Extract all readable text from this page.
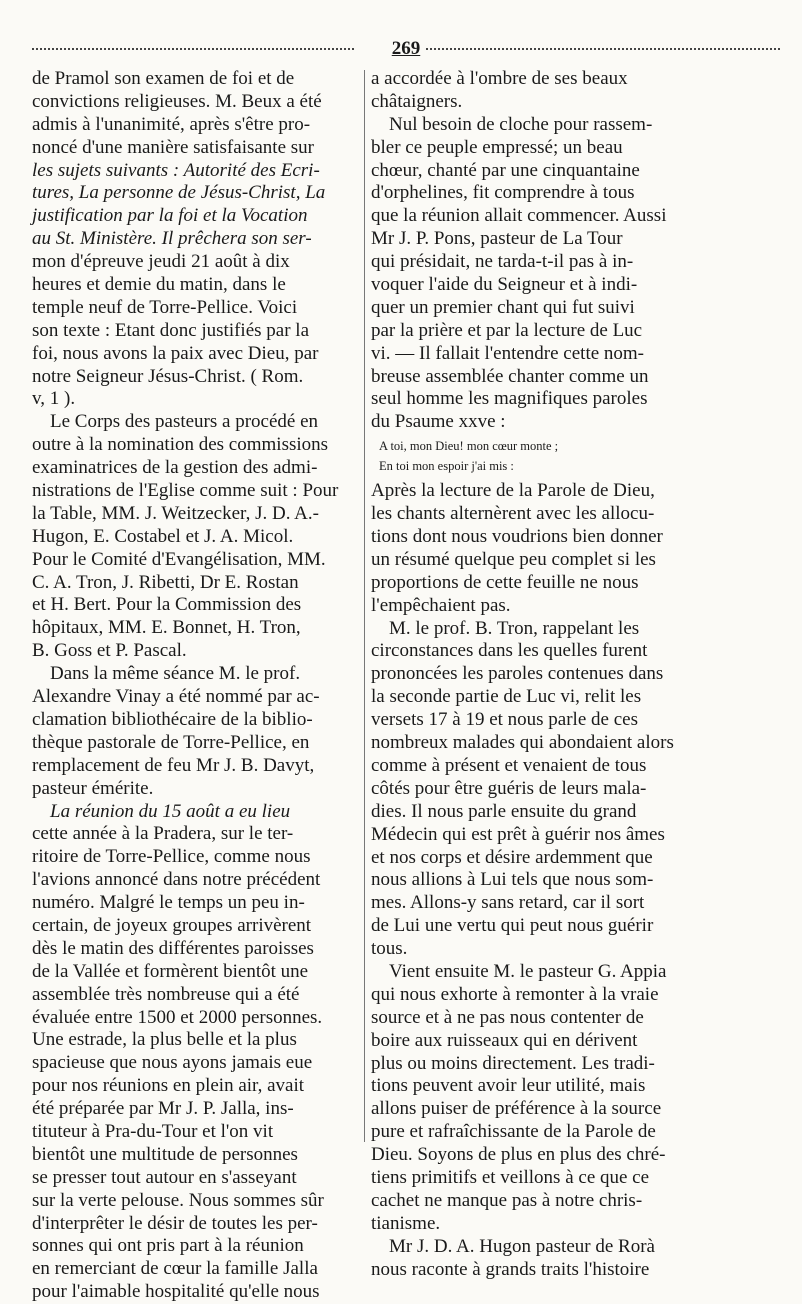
269
de Pramol son examen de foi et de
convictions religieuses. M. Beux a été
admis à l'unanimité, après s'être pro-
noncé d'une manière satisfaisante sur
les sujets suivants : Autorité des Ecri-
tures, La personne de Jésus-Christ, La
justification par la foi et la Vocation
au St. Ministère. Il prêchera son ser-
mon d'épreuve jeudi 21 août à dix
heures et demie du matin, dans le
temple neuf de Torre-Pellice. Voici
son texte : Etant donc justifiés par la
foi, nous avons la paix avec Dieu, par
notre Seigneur Jésus-Christ. ( Rom.
v, 1 ).
Le Corps des pasteurs a procédé en
outre à la nomination des commissions
examinatrices de la gestion des admi-
nistrations de l'Eglise comme suit : Pour
la Table, MM. J. Weitzecker, J. D. A.-
Hugon, E. Costabel et J. A. Micol.
Pour le Comité d'Evangélisation, MM.
C. A. Tron, J. Ribetti, Dr E. Rostan
et H. Bert. Pour la Commission des
hôpitaux, MM. E. Bonnet, H. Tron,
B. Goss et P. Pascal.
Dans la même séance M. le prof.
Alexandre Vinay a été nommé par ac-
clamation bibliothécaire de la biblio-
thèque pastorale de Torre-Pellice, en
remplacement de feu Mr J. B. Davyt,
pasteur émérite.
La réunion du 15 août a eu lieu
cette année à la Pradera, sur le ter-
ritoire de Torre-Pellice, comme nous
l'avions annoncé dans notre précédent
numéro. Malgré le temps un peu in-
certain, de joyeux groupes arrivèrent
dès le matin des différentes paroisses
de la Vallée et formèrent bientôt une
assemblée très nombreuse qui a été
évaluée entre 1500 et 2000 personnes.
Une estrade, la plus belle et la plus
spacieuse que nous ayons jamais eue
pour nos réunions en plein air, avait
été préparée par Mr J. P. Jalla, ins-
tituteur à Pra-du-Tour et l'on vit
bientôt une multitude de personnes
se presser tout autour en s'asseyant
sur la verte pelouse. Nous sommes sûr
d'interprêter le désir de toutes les per-
sonnes qui ont pris part à la réunion
en remerciant de cœur la famille Jalla
pour l'aimable hospitalité qu'elle nous
a accordée à l'ombre de ses beaux
châtaigners.
Nul besoin de cloche pour rassem-
bler ce peuple empressé; un beau
chœur, chanté par une cinquantaine
d'orphelines, fit comprendre à tous
que la réunion allait commencer. Aussi
Mr J. P. Pons, pasteur de La Tour
qui présidait, ne tarda-t-il pas à in-
voquer l'aide du Seigneur et à indi-
quer un premier chant qui fut suivi
par la prière et par la lecture de Luc
vi. — Il fallait l'entendre cette nom-
breuse assemblée chanter comme un
seul homme les magnifiques paroles
du Psaume xxve :
A toi, mon Dieu! mon cœur monte ;
En toi mon espoir j'ai mis :
Après la lecture de la Parole de Dieu,
les chants alternèrent avec les allocu-
tions dont nous voudrions bien donner
un résumé quelque peu complet si les
proportions de cette feuille ne nous
l'empêchaient pas.
M. le prof. B. Tron, rappelant les
circonstances dans les quelles furent
prononcées les paroles contenues dans
la seconde partie de Luc vi, relit les
versets 17 à 19 et nous parle de ces
nombreux malades qui abondaient alors
comme à présent et venaient de tous
côtés pour être guéris de leurs mala-
dies. Il nous parle ensuite du grand
Médecin qui est prêt à guérir nos âmes
et nos corps et désire ardemment que
nous allions à Lui tels que nous som-
mes. Allons-y sans retard, car il sort
de Lui une vertu qui peut nous guérir
tous.
Vient ensuite M. le pasteur G. Appia
qui nous exhorte à remonter à la vraie
source et à ne pas nous contenter de
boire aux ruisseaux qui en dérivent
plus ou moins directement. Les tradi-
tions peuvent avoir leur utilité, mais
allons puiser de préférence à la source
pure et rafraîchissante de la Parole de
Dieu. Soyons de plus en plus des chré-
tiens primitifs et veillons à ce que ce
cachet ne manque pas à notre chris-
tianisme.
Mr J. D. A. Hugon pasteur de Rorà
nous raconte à grands traits l'histoire
